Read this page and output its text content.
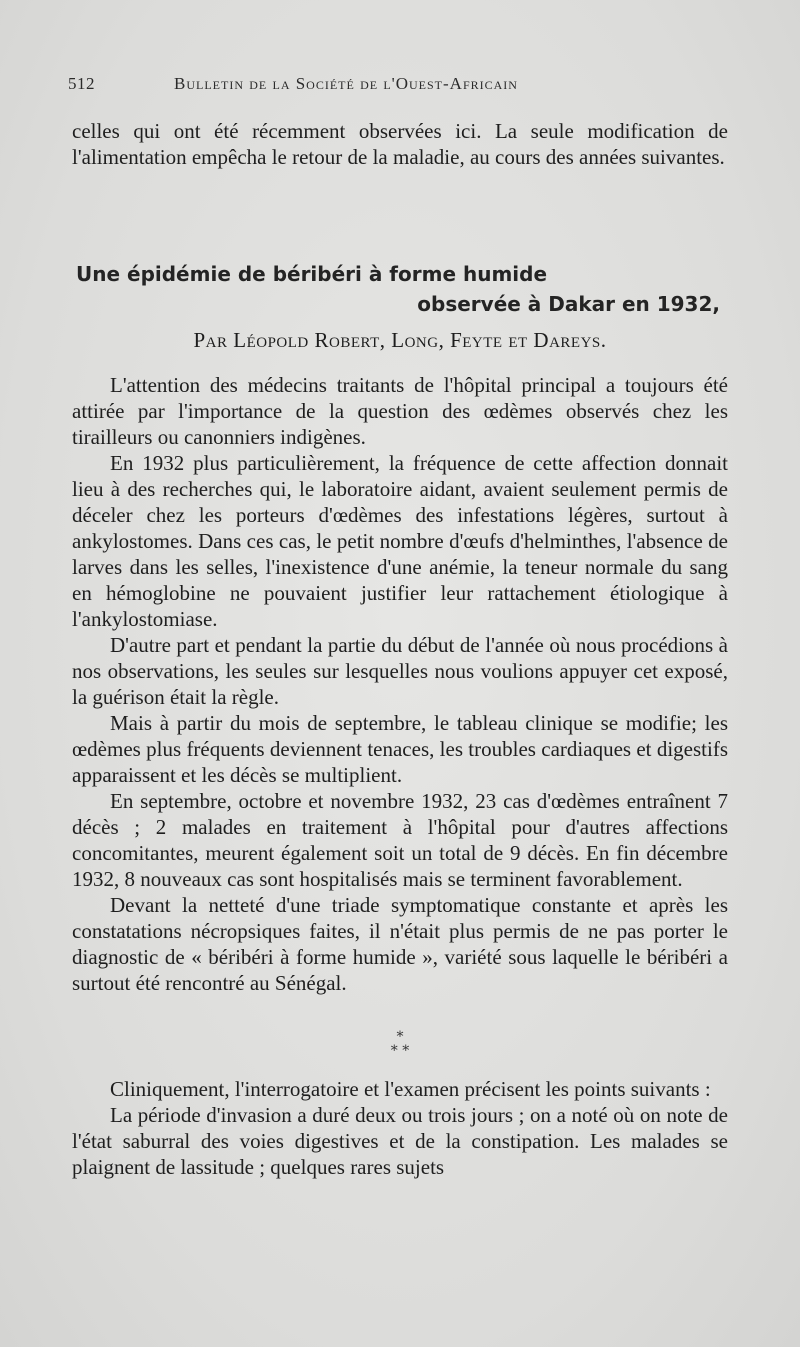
512	Bulletin de la Société de l'Ouest-Africain
celles qui ont été récemment observées ici. La seule modification de l'alimentation empêcha le retour de la maladie, au cours des années suivantes.
Une épidémie de béribéri à forme humide
observée à Dakar en 1932,
Par Léopold Robert, Long, Feyte et Dareys.

L'attention des médecins traitants de l'hôpital principal a toujours été attirée par l'importance de la question des œdèmes observés chez les tirailleurs ou canonniers indigènes.

En 1932 plus particulièrement, la fréquence de cette affection donnait lieu à des recherches qui, le laboratoire aidant, avaient seulement permis de déceler chez les porteurs d'œdèmes des infestations légères, surtout à ankylostomes. Dans ces cas, le petit nombre d'œufs d'helminthes, l'absence de larves dans les selles, l'inexistence d'une anémie, la teneur normale du sang en hémoglobine ne pouvaient justifier leur rattachement étiologique à l'ankylostomiase.

D'autre part et pendant la partie du début de l'année où nous procédions à nos observations, les seules sur lesquelles nous voulions appuyer cet exposé, la guérison était la règle.

Mais à partir du mois de septembre, le tableau clinique se modifie; les œdèmes plus fréquents deviennent tenaces, les troubles cardiaques et digestifs apparaissent et les décès se multiplient.

En septembre, octobre et novembre 1932, 23 cas d'œdèmes entraînent 7 décès ; 2 malades en traitement à l'hôpital pour d'autres affections concomitantes, meurent également soit un total de 9 décès. En fin décembre 1932, 8 nouveaux cas sont hospitalisés mais se terminent favorablement.

Devant la netteté d'une triade symptomatique constante et après les constatations nécropsiques faites, il n'était plus permis de ne pas porter le diagnostic de « béribéri à forme humide », variété sous laquelle le béribéri a surtout été rencontré au Sénégal.

*
* *

Cliniquement, l'interrogatoire et l'examen précisent les points suivants :

La période d'invasion a duré deux ou trois jours ; on a noté où on note de l'état saburral des voies digestives et de la constipation. Les malades se plaignent de lassitude ; quelques rares sujets
